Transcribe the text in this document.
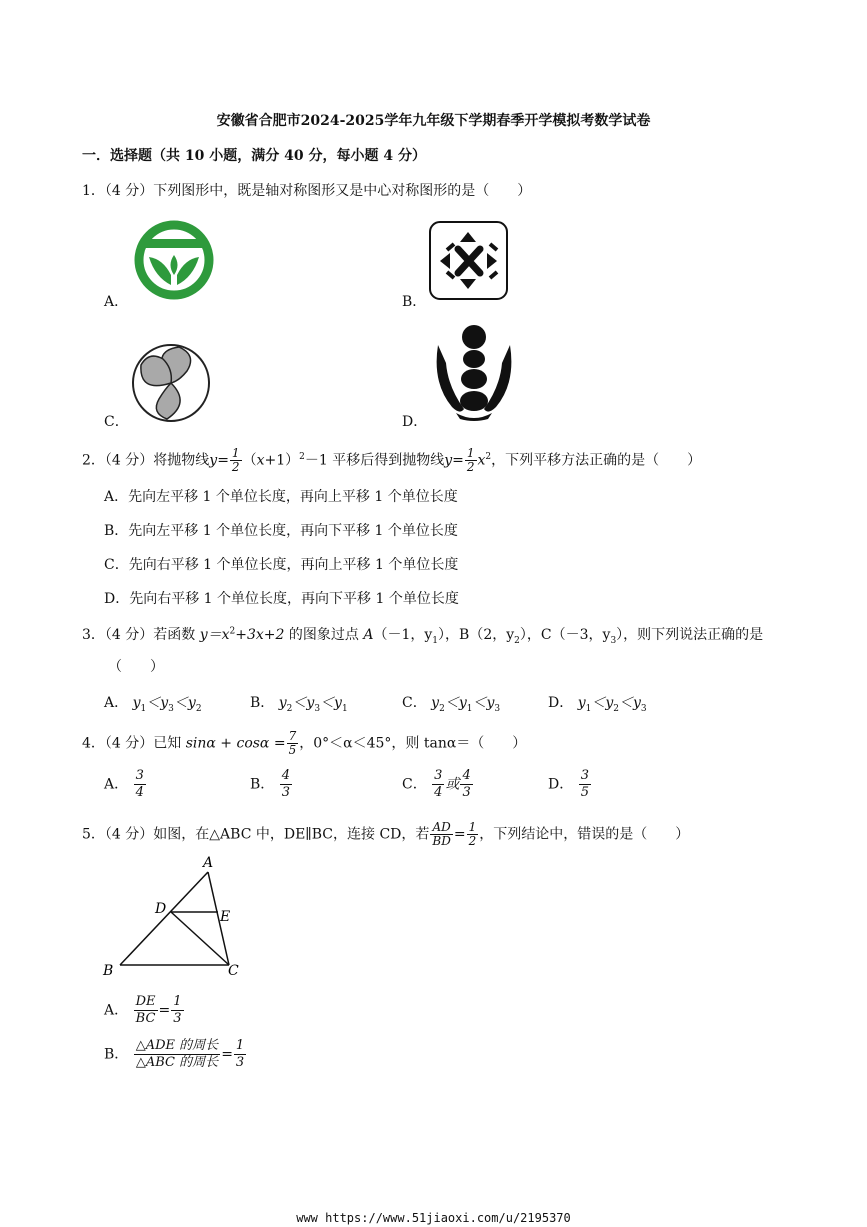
安徽省合肥市2024-2025学年九年级下学期春季开学模拟考数学试卷
一．选择题（共 10 小题，满分 40 分，每小题 4 分）
1．（4 分）下列图形中，既是轴对称图形又是中心对称图形的是（　　）
A．	B．
C．	D．
2．（4 分）将抛物线$y= \frac{1}{2} (x+1)^2-1$ 平移后得到抛物线$y= \frac{1}{2} x^2$，下列平移方法正确的是（　　）
A．先向左平移 1 个单位长度，再向上平移 1 个单位长度
B．先向左平移 1 个单位长度，再向下平移 1 个单位长度
C．先向右平移 1 个单位长度，再向上平移 1 个单位长度
D．先向右平移 1 个单位长度，再向下平移 1 个单位长度
3．（4 分）若函数 $y=x^2+3x+2$ 的图象过点 A（－1，$y_1$），B（2，$y_2$），C（－3，$y_3$），则下列说法正确的是
（　　）
A． $y_1<y_3<y_2$	B． $y_2<y_3<y_1$	C． $y_2<y_1<y_3$	D． $y_1<y_2<y_3$
4．（4 分）已知 $\sin\alpha + \cos\alpha = \frac{7}{5}$ ，0°＜α＜45°，则 tanα＝（　　）
A． $\frac{3}{4}$	B． $\frac{4}{3}$	C． $\frac{3}{4}$ 或 $\frac{4}{3}$	D． $\frac{3}{5}$
5．（4 分）如图，在△ABC 中，DE∥BC，连接 CD，若 $\frac{AD}{BD} = \frac{1}{2}$ ，下列结论中，错误的是（　　）
A
D	E
B	C
A． $\frac{DE}{BC} = \frac{1}{3}$
B． $\frac{\text{△ADE 的周长}}{\text{△ABC 的周长}} = \frac{1}{3}$
www https://www.51jiaoxi.com/u/2195370
